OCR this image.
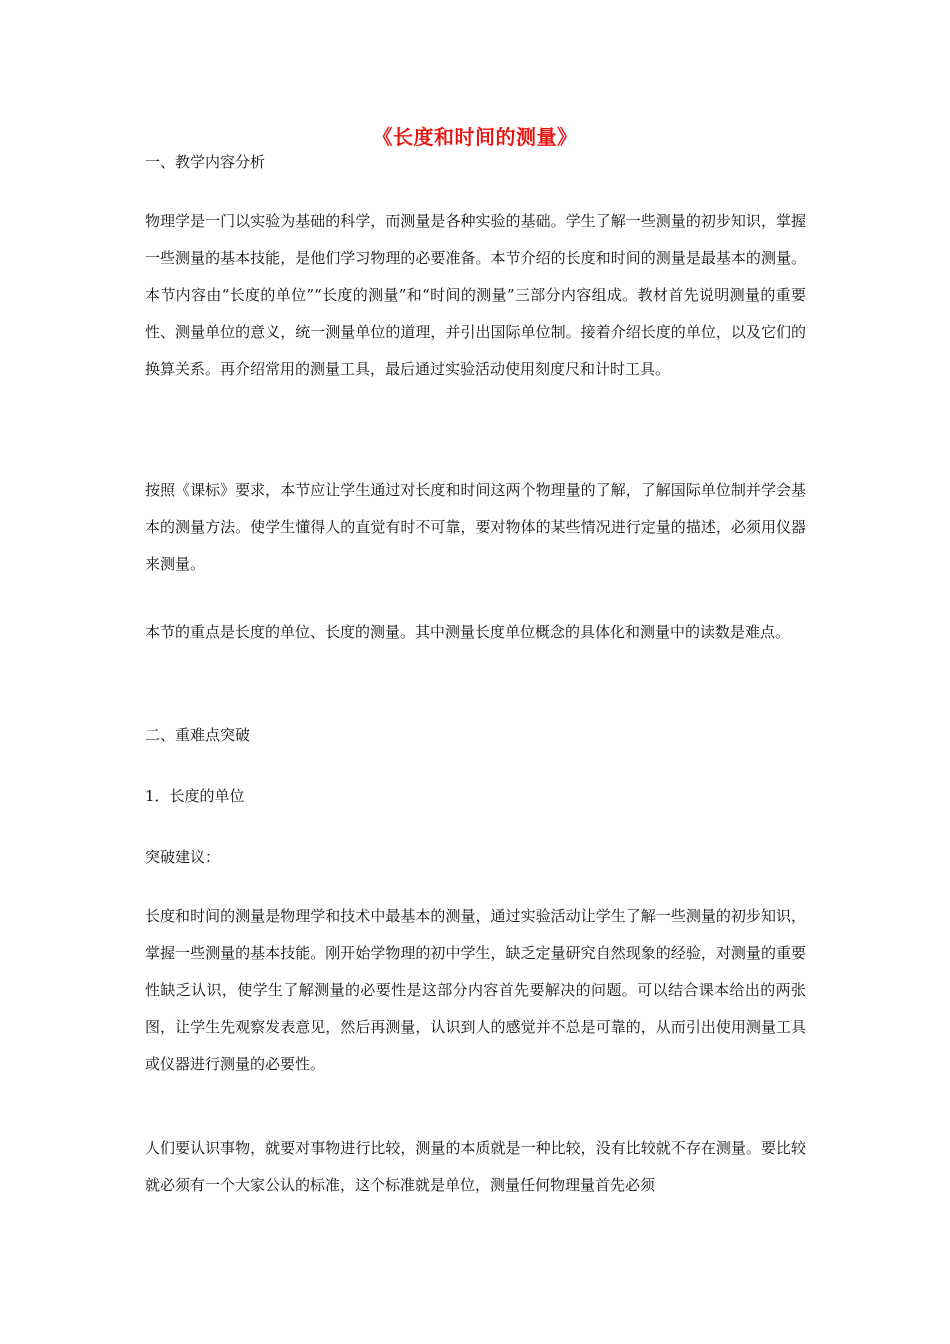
《长度和时间的测量》

一、教学内容分析

物理学是一门以实验为基础的科学，而测量是各种实验的基础。学生了解一些测量的初步知识，掌握一些测量的基本技能，是他们学习物理的必要准备。本节介绍的长度和时间的测量是最基本的测量。本节内容由“长度的单位”“长度的测量”和“时间的测量”三部分内容组成。教材首先说明测量的重要性、测量单位的意义，统一测量单位的道理，并引出国际单位制。接着介绍长度的单位，以及它们的换算关系。再介绍常用的测量工具，最后通过实验活动使用刻度尺和计时工具。

按照《课标》要求，本节应让学生通过对长度和时间这两个物理量的了解，了解国际单位制并学会基本的测量方法。使学生懂得人的直觉有时不可靠，要对物体的某些情况进行定量的描述，必须用仪器来测量。

本节的重点是长度的单位、长度的测量。其中测量长度单位概念的具体化和测量中的读数是难点。

二、重难点突破

1．长度的单位

突破建议：

长度和时间的测量是物理学和技术中最基本的测量，通过实验活动让学生了解一些测量的初步知识，掌握一些测量的基本技能。刚开始学物理的初中学生，缺乏定量研究自然现象的经验，对测量的重要性缺乏认识，使学生了解测量的必要性是这部分内容首先要解决的问题。可以结合课本给出的两张图，让学生先观察发表意见，然后再测量，认识到人的感觉并不总是可靠的，从而引出使用测量工具或仪器进行测量的必要性。

人们要认识事物，就要对事物进行比较，测量的本质就是一种比较，没有比较就不存在测量。要比较就必须有一个大家公认的标准，这个标准就是单位，测量任何物理量首先必须
